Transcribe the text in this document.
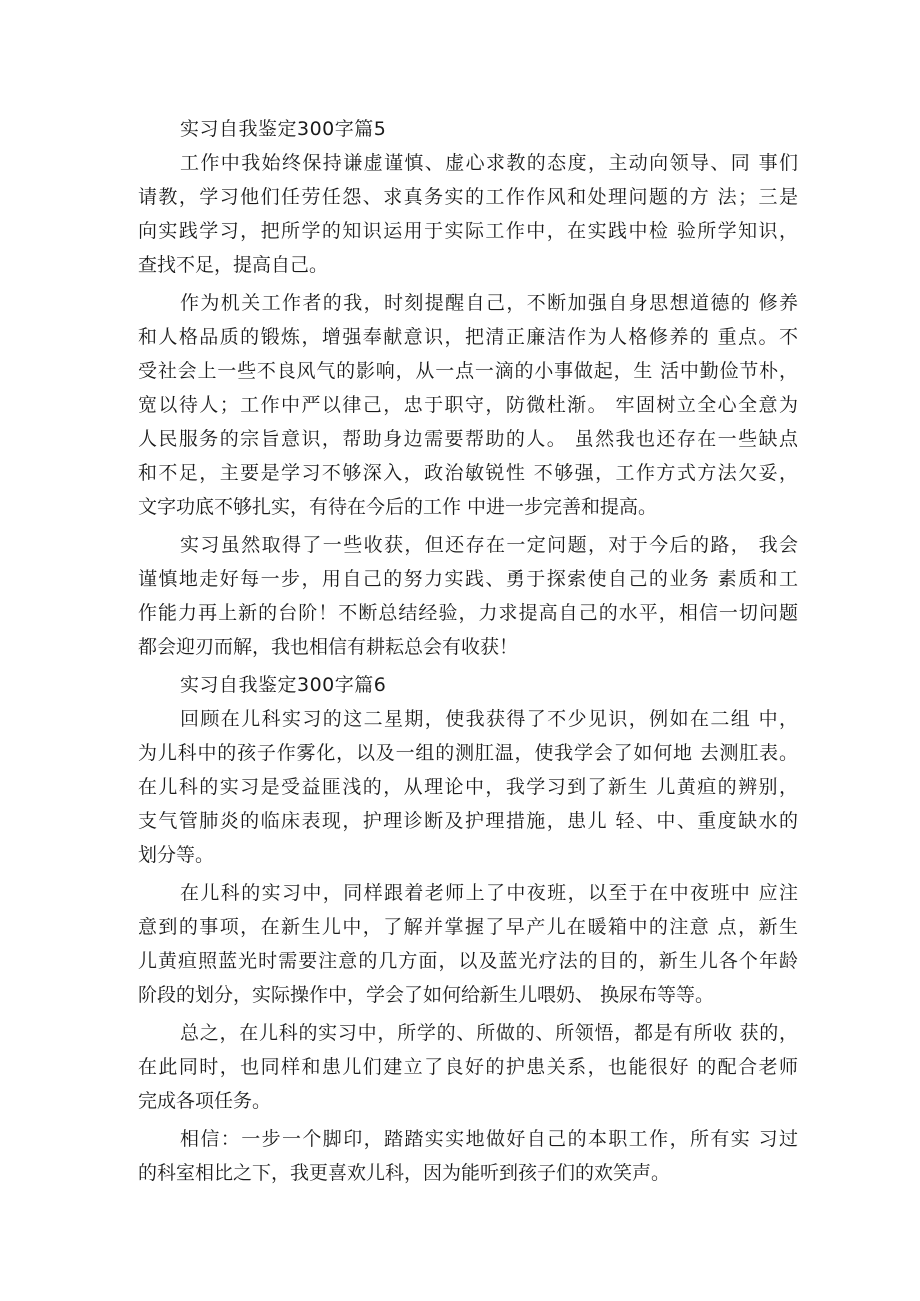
实习自我鉴定300字篇5
工作中我始终保持谦虚谨慎、虚心求教的态度，主动向领导、同 事们
请教，学习他们任劳任怨、求真务实的工作作风和处理问题的方 法；三是
向实践学习，把所学的知识运用于实际工作中，在实践中检 验所学知识，
查找不足，提高自己。
作为机关工作者的我，时刻提醒自己，不断加强自身思想道德的 修养
和人格品质的锻炼，增强奉献意识，把清正廉洁作为人格修养的 重点。不
受社会上一些不良风气的影响，从一点一滴的小事做起，生 活中勤俭节朴，
宽以待人；工作中严以律己，忠于职守，防微杜渐。 牢固树立全心全意为
人民服务的宗旨意识，帮助身边需要帮助的人。 虽然我也还存在一些缺点
和不足，主要是学习不够深入，政治敏锐性 不够强，工作方式方法欠妥，
文字功底不够扎实，有待在今后的工作 中进一步完善和提高。
实习虽然取得了一些收获，但还存在一定问题，对于今后的路， 我会
谨慎地走好每一步，用自己的努力实践、勇于探索使自己的业务 素质和工
作能力再上新的台阶！不断总结经验，力求提高自己的水平，相信一切问题
都会迎刃而解，我也相信有耕耘总会有收获！
实习自我鉴定300字篇6
回顾在儿科实习的这二星期，使我获得了不少见识，例如在二组 中，
为儿科中的孩子作雾化，以及一组的测肛温，使我学会了如何地 去测肛表。
在儿科的实习是受益匪浅的，从理论中，我学习到了新生 儿黄疸的辨别，
支气管肺炎的临床表现，护理诊断及护理措施，患儿 轻、中、重度缺水的
划分等。
在儿科的实习中，同样跟着老师上了中夜班，以至于在中夜班中 应注
意到的事项，在新生儿中，了解并掌握了早产儿在暖箱中的注意 点，新生
儿黄疸照蓝光时需要注意的几方面，以及蓝光疗法的目的，新生儿各个年龄
阶段的划分，实际操作中，学会了如何给新生儿喂奶、 换尿布等等。
总之，在儿科的实习中，所学的、所做的、所领悟，都是有所收 获的，
在此同时，也同样和患儿们建立了良好的护患关系，也能很好 的配合老师
完成各项任务。
相信：一步一个脚印，踏踏实实地做好自己的本职工作，所有实 习过
的科室相比之下，我更喜欢儿科，因为能听到孩子们的欢笑声。
